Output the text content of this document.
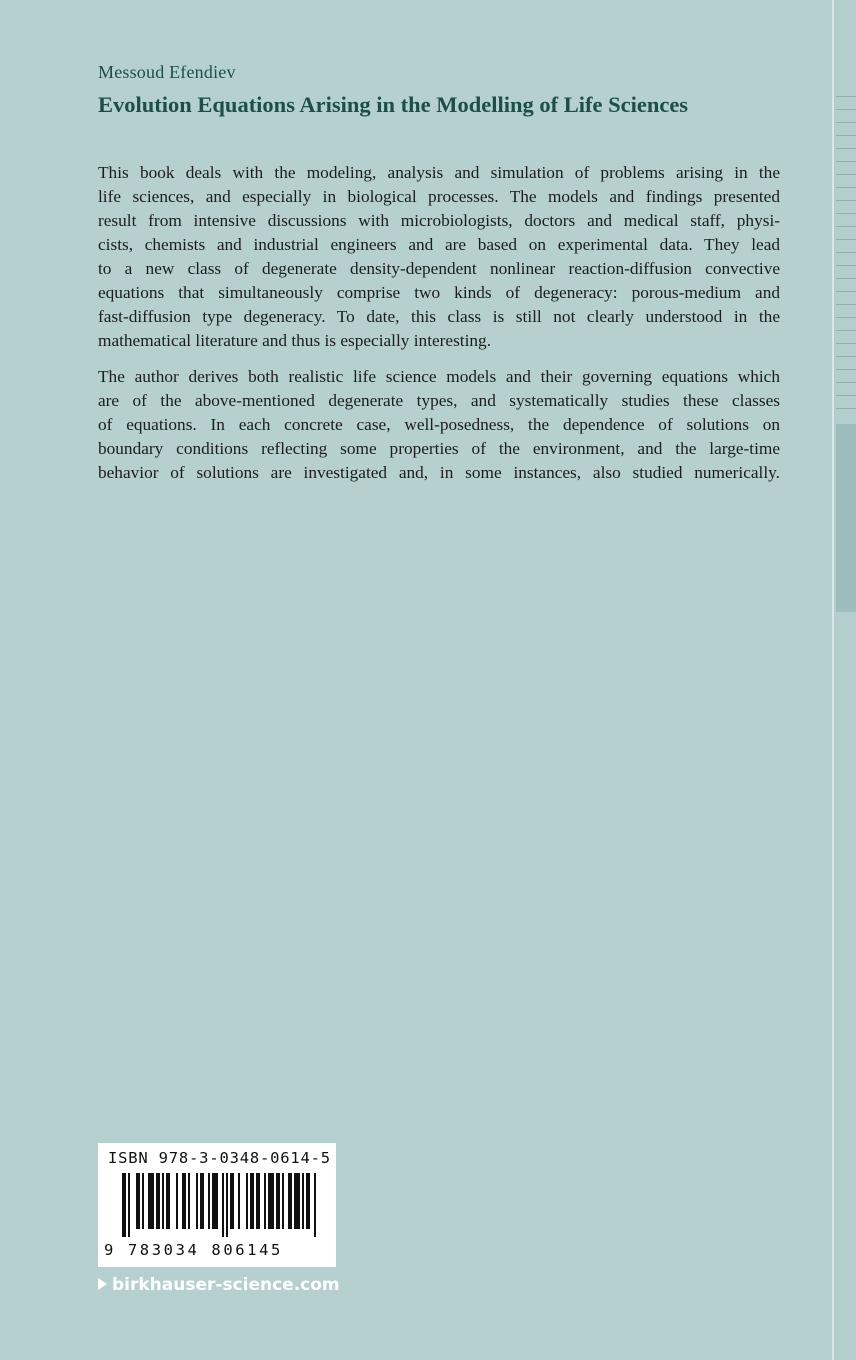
Messoud Efendiev
Evolution Equations Arising in the Modelling of Life Sciences
This book deals with the modeling, analysis and simulation of problems arising in the
life sciences, and especially in biological processes. The models and findings presented
result from intensive discussions with microbiologists, doctors and medical staff, physi-
cists, chemists and industrial engineers and are based on experimental data. They lead
to a new class of degenerate density-dependent nonlinear reaction-diffusion convective
equations that simultaneously comprise two kinds of degeneracy: porous-medium and
fast-diffusion type degeneracy. To date, this class is still not clearly understood in the
mathematical literature and thus is especially interesting.
The author derives both realistic life science models and their governing equations which
are of the above-mentioned degenerate types, and systematically studies these classes
of equations. In each concrete case, well-posedness, the dependence of solutions on
boundary conditions reflecting some properties of the environment, and the large-time
behavior of solutions are investigated and, in some instances, also studied numerically.
ISBN 978-3-0348-0614-5
9 783034 806145
birkhauser-science.com
